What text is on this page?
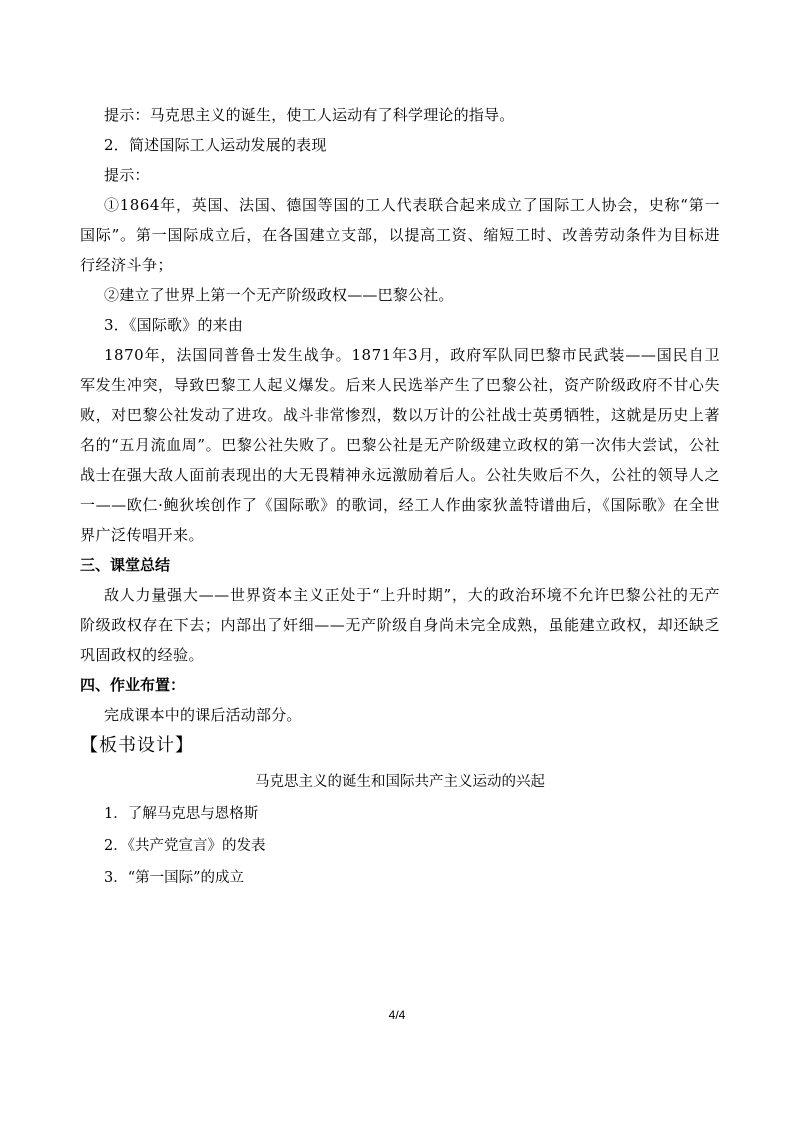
提示：马克思主义的诞生，使工人运动有了科学理论的指导。
2．简述国际工人运动发展的表现
提示：
①1864年，英国、法国、德国等国的工人代表联合起来成立了国际工人协会，史称“第一国际”。第一国际成立后，在各国建立支部，以提高工资、缩短工时、改善劳动条件为目标进行经济斗争；
②建立了世界上第一个无产阶级政权——巴黎公社。
3．《国际歌》的来由
1870年，法国同普鲁士发生战争。1871年3月，政府军队同巴黎市民武装——国民自卫军发生冲突，导致巴黎工人起义爆发。后来人民选举产生了巴黎公社，资产阶级政府不甘心失败，对巴黎公社发动了进攻。战斗非常惨烈，数以万计的公社战士英勇牺牲，这就是历史上著名的“五月流血周”。巴黎公社失败了。巴黎公社是无产阶级建立政权的第一次伟大尝试，公社战士在强大敌人面前表现出的大无畏精神永远激励着后人。公社失败后不久，公社的领导人之一——欧仁·鲍狄埃创作了《国际歌》的歌词，经工人作曲家狄盖特谱曲后，《国际歌》在全世界广泛传唱开来。
三、课堂总结
敌人力量强大——世界资本主义正处于“上升时期”，大的政治环境不允许巴黎公社的无产阶级政权存在下去；内部出了奸细——无产阶级自身尚未完全成熟，虽能建立政权，却还缺乏巩固政权的经验。
四、作业布置：
完成课本中的课后活动部分。
【板书设计】
马克思主义的诞生和国际共产主义运动的兴起
1．了解马克思与恩格斯
2．《共产党宣言》的发表
3．“第一国际”的成立
4/4
